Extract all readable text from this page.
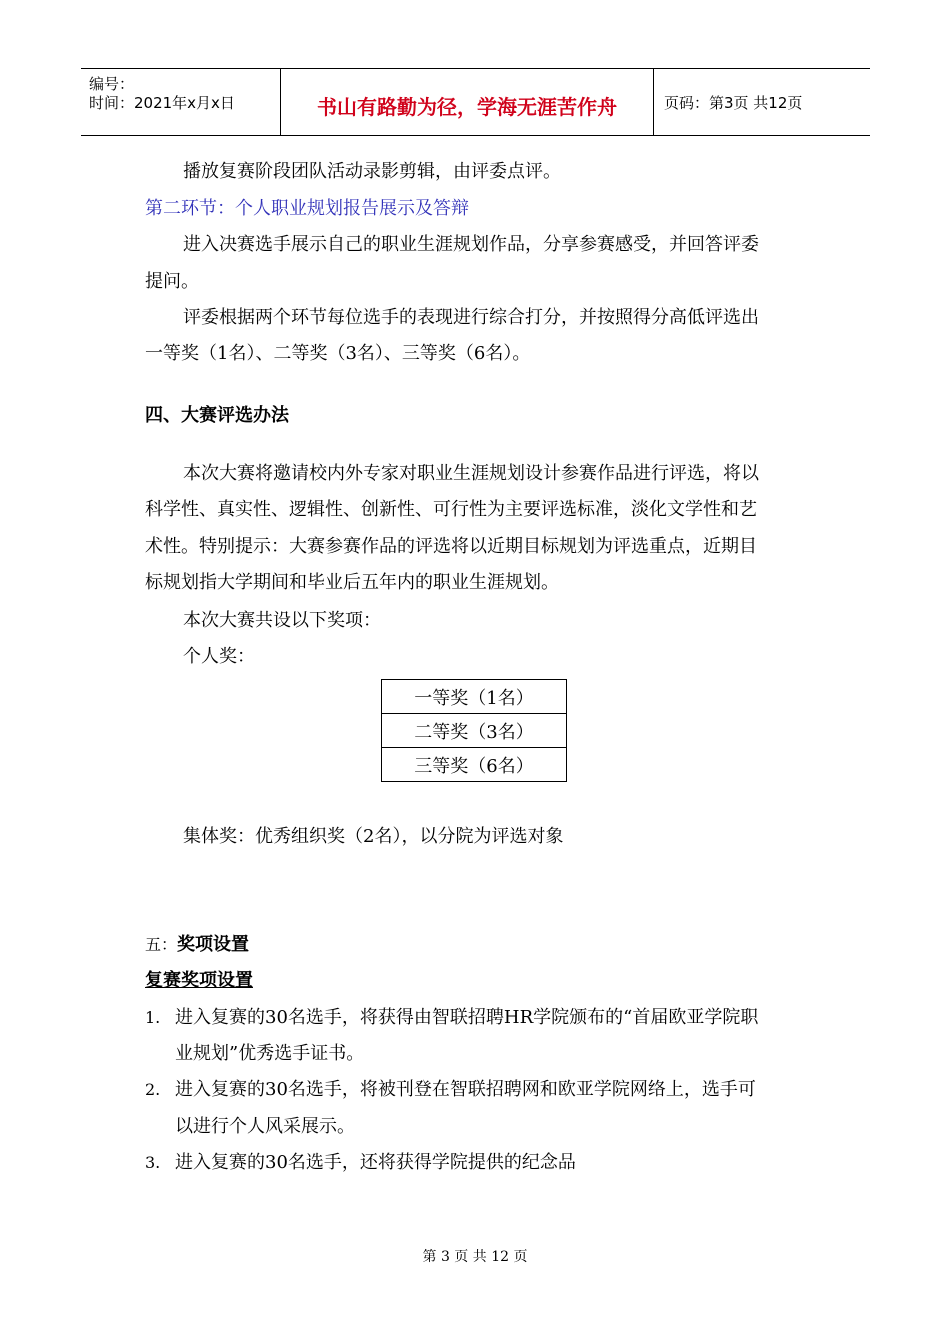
编号：
时间：2021年x月x日	书山有路勤为径，学海无涯苦作舟	页码：第3页 共12页
播放复赛阶段团队活动录影剪辑，由评委点评。
第二环节：个人职业规划报告展示及答辩
进入决赛选手展示自己的职业生涯规划作品，分享参赛感受，并回答评委
提问。
评委根据两个环节每位选手的表现进行综合打分，并按照得分高低评选出
一等奖（1名）、二等奖（3名）、三等奖（6名）。
四、大赛评选办法
本次大赛将邀请校内外专家对职业生涯规划设计参赛作品进行评选，将以
科学性、真实性、逻辑性、创新性、可行性为主要评选标准，淡化文学性和艺
术性。特别提示：大赛参赛作品的评选将以近期目标规划为评选重点，近期目
标规划指大学期间和毕业后五年内的职业生涯规划。
本次大赛共设以下奖项：
个人奖：
一等奖（1名）
二等奖（3名）
三等奖（6名）
集体奖：优秀组织奖（2名），以分院为评选对象
五：奖项设置
复赛奖项设置
1. 进入复赛的30名选手，将获得由智联招聘HR学院颁布的“首届欧亚学院职
业规划”优秀选手证书。
2. 进入复赛的30名选手，将被刊登在智联招聘网和欧亚学院网络上，选手可
以进行个人风采展示。
3. 进入复赛的30名选手，还将获得学院提供的纪念品
第 3 页 共 12 页
